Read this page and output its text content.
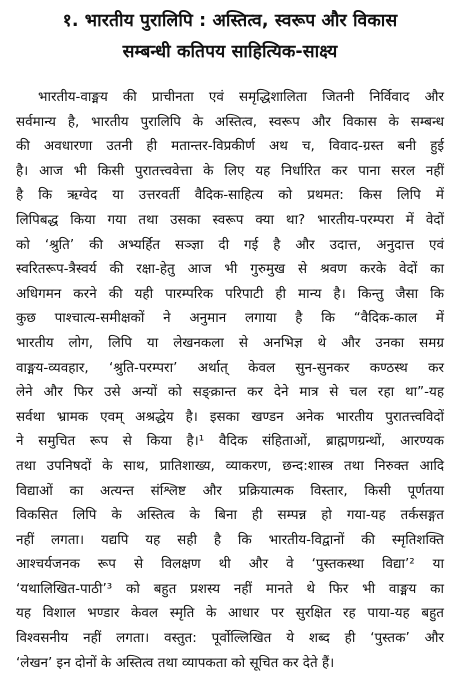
१. भारतीय पुरालिपि : अस्तित्व, स्वरूप और विकास
सम्बन्धी कतिपय साहित्यिक-साक्ष्य
भारतीय-वाङ्मय की प्राचीनता एवं समृद्धिशालिता जितनी निर्विवाद और
सर्वमान्य है, भारतीय पुरालिपि के अस्तित्व, स्वरूप और विकास के सम्बन्ध
की अवधारणा उतनी ही मतान्तर-विप्रकीर्ण अथ च, विवाद-ग्रस्त बनी हुई
है। आज भी किसी पुरातत्त्ववेत्ता के लिए यह निर्धारित कर पाना सरल नहीं
है कि ऋग्वेद या उत्तरवर्ती वैदिक-साहित्य को प्रथमत: किस लिपि में
लिपिबद्ध किया गया तथा उसका स्वरूप क्या था? भारतीय-परम्परा में वेदों
को ‘श्रुति’ की अभ्यर्हित सञ्ज्ञा दी गई है और उदात्त, अनुदात्त एवं
स्वरितरूप-त्रैस्वर्य की रक्षा-हेतु आज भी गुरुमुख से श्रवण करके वेदों का
अधिगमन करने की यही पारम्परिक परिपाटी ही मान्य है। किन्तु जैसा कि
कुछ पाश्चात्य-समीक्षकों ने अनुमान लगाया है कि “वैदिक-काल में
भारतीय लोग, लिपि या लेखनकला से अनभिज्ञ थे और उनका समग्र
वाङ्मय-व्यवहार, ‘श्रुति-परम्परा’ अर्थात् केवल सुन-सुनकर कण्ठस्थ कर
लेने और फिर उसे अन्यों को सङ्क्रान्त कर देने मात्र से चल रहा था”-यह
सर्वथा भ्रामक एवम् अश्रद्धेय है। इसका खण्डन अनेक भारतीय पुरातत्त्वविदों
ने समुचित रूप से किया है।¹ वैदिक संहिताओं, ब्राह्मणग्रन्थों, आरण्यक
तथा उपनिषदों के साथ, प्रातिशाख्य, व्याकरण, छन्द:शास्त्र तथा निरुक्त आदि
विद्याओं का अत्यन्त संश्लिष्ट और प्रक्रियात्मक विस्तार, किसी पूर्णतया
विकसित लिपि के अस्तित्व के बिना ही सम्पन्न हो गया-यह तर्कसङ्गत
नहीं लगता। यद्यपि यह सही है कि भारतीय-विद्वानों की स्मृतिशक्ति
आश्चर्यजनक रूप से विलक्षण थी और वे ‘पुस्तकस्था विद्या’² या
‘यथालिखित-पाठी’³ को बहुत प्रशस्य नहीं मानते थे फिर भी वाङ्मय का
यह विशाल भण्डार केवल स्मृति के आधार पर सुरक्षित रह पाया-यह बहुत
विश्वसनीय नहीं लगता। वस्तुत: पूर्वोल्लिखित ये शब्द ही ‘पुस्तक’ और
‘लेखन’ इन दोनों के अस्तित्व तथा व्यापकता को सूचित कर देते हैं।
